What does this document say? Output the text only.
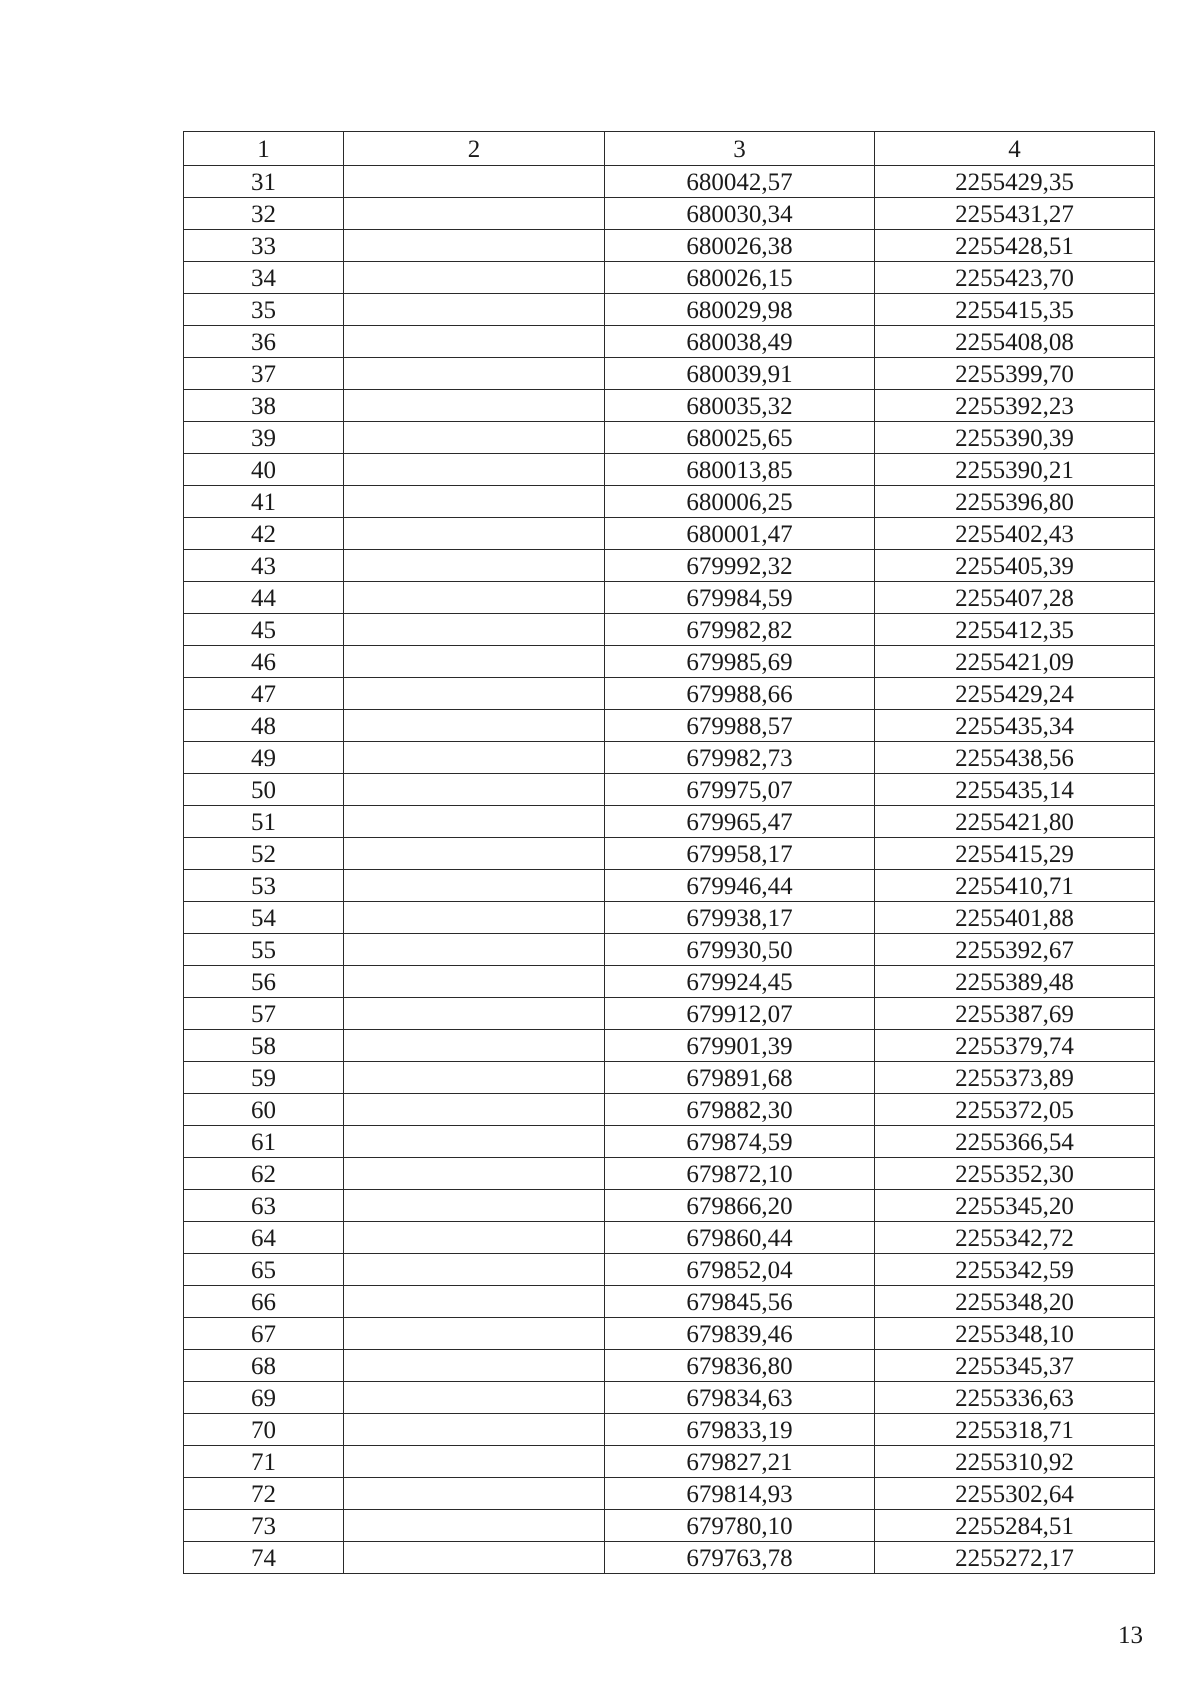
1	2	3	4
31		680042,57	2255429,35
32		680030,34	2255431,27
33		680026,38	2255428,51
34		680026,15	2255423,70
35		680029,98	2255415,35
36		680038,49	2255408,08
37		680039,91	2255399,70
38		680035,32	2255392,23
39		680025,65	2255390,39
40		680013,85	2255390,21
41		680006,25	2255396,80
42		680001,47	2255402,43
43		679992,32	2255405,39
44		679984,59	2255407,28
45		679982,82	2255412,35
46		679985,69	2255421,09
47		679988,66	2255429,24
48		679988,57	2255435,34
49		679982,73	2255438,56
50		679975,07	2255435,14
51		679965,47	2255421,80
52		679958,17	2255415,29
53		679946,44	2255410,71
54		679938,17	2255401,88
55		679930,50	2255392,67
56		679924,45	2255389,48
57		679912,07	2255387,69
58		679901,39	2255379,74
59		679891,68	2255373,89
60		679882,30	2255372,05
61		679874,59	2255366,54
62		679872,10	2255352,30
63		679866,20	2255345,20
64		679860,44	2255342,72
65		679852,04	2255342,59
66		679845,56	2255348,20
67		679839,46	2255348,10
68		679836,80	2255345,37
69		679834,63	2255336,63
70		679833,19	2255318,71
71		679827,21	2255310,92
72		679814,93	2255302,64
73		679780,10	2255284,51
74		679763,78	2255272,17
13
